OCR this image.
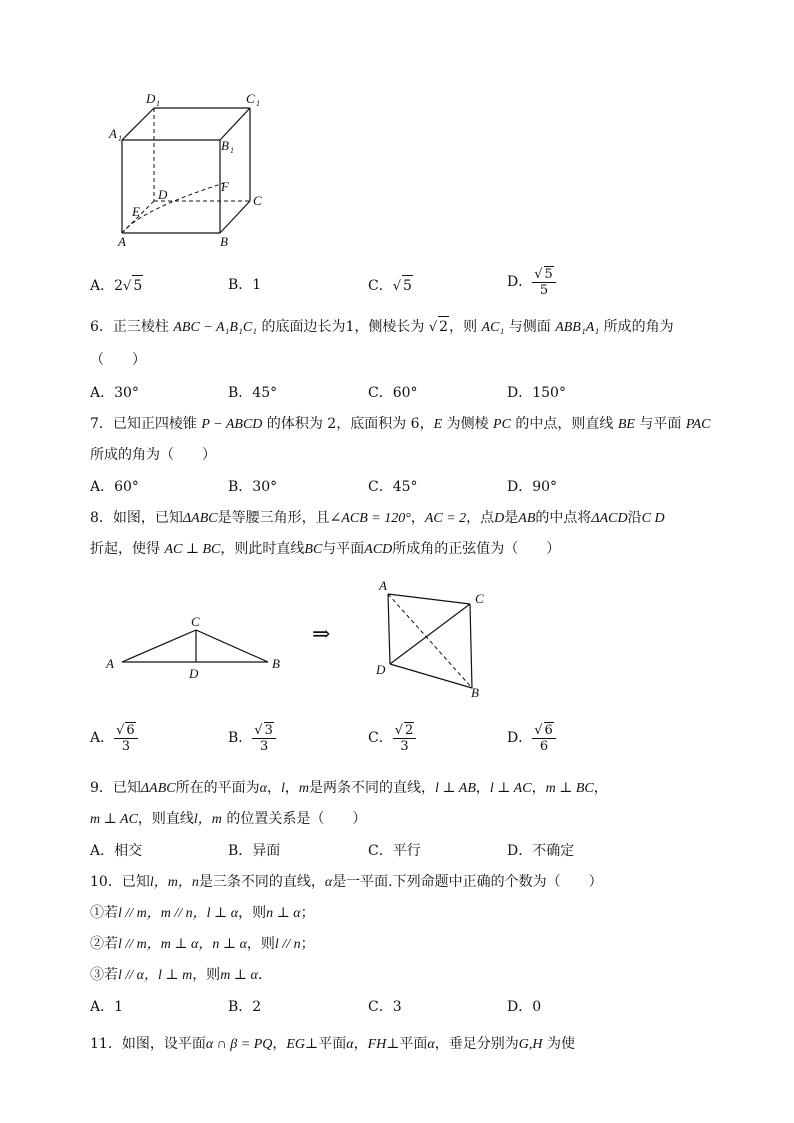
D 1	C 1
A 1	B 1
D
F
C
E
A	B
A．2√ 5	B．1	C．√ 5	D． $\frac{√ 5}{5}$
6．正三棱柱 ABC − A₁B₁C₁ 的底面边长为1，侧棱长为 √ 2，则 AC₁ 与侧面 ABB₁A₁ 所成的角为
（　　）
A．30°	B．45°	C．60°	D．150°
7．已知正四棱锥 P − ABCD 的体积为 2，底面积为 6，E 为侧棱 PC 的中点，则直线 BE 与平面 PAC
所成的角为（　　）
A．60°	B．30°	C．45°	D．90°
8．如图，已知ΔABC是等腰三角形，且∠ACB = 120°，AC = 2，点D是AB的中点将ΔACD沿C D
折起，使得 AC ⊥ BC，则此时直线BC与平面ACD所成角的正弦值为（　　）
C
A	B
D
⇒
A
C
D
B
A． $\frac{√ 6}{3}$	B． $\frac{√ 3}{3}$	C． $\frac{√ 2}{3}$	D． $\frac{√ 6}{6}$
9．已知ΔABC所在的平面为α，l，m是两条不同的直线，l ⊥ AB，l ⊥ AC，m ⊥ BC，
m ⊥ AC，则直线l，m 的位置关系是（　　）
A．相交	B．异面	C．平行	D．不确定
10．已知l，m，n是三条不同的直线，α是一平面.下列命题中正确的个数为（　　）
①若l // m，m // n，l ⊥ α，则n ⊥ α；
②若l // m，m ⊥ α，n ⊥ α，则l // n；
③若l // α，l ⊥ m，则m ⊥ α.
A．1	B．2	C．3	D．0
11．如图，设平面α ∩ β = PQ，EG⊥平面α，FH⊥平面α，垂足分别为G,H 为使
